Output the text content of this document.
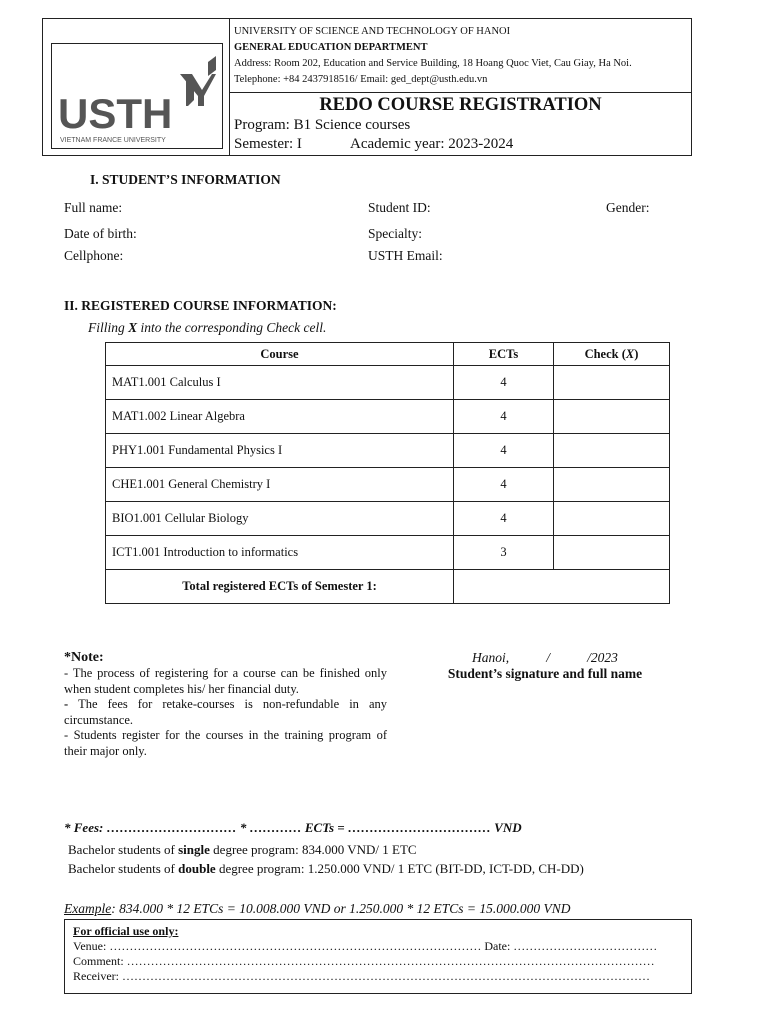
USTH
VIETNAM FRANCE UNIVERSITY
UNIVERSITY OF SCIENCE AND TECHNOLOGY OF HANOI
GENERAL EDUCATION DEPARTMENT
Address: Room 202, Education and Service Building, 18 Hoang Quoc Viet, Cau Giay, Ha Noi.
Telephone: +84 2437918516/ Email: ged_dept@usth.edu.vn
REDO COURSE REGISTRATION
Program: B1 Science courses
Semester: I	Academic year: 2023-2024
I. STUDENT’S INFORMATION
Full name:	Student ID:	Gender:
Date of birth:	Specialty:
Cellphone:	USTH Email:
II. REGISTERED COURSE INFORMATION:
Filling X into the corresponding Check cell.
Course	ECTs	Check (X)
MAT1.001 Calculus I	4	
MAT1.002 Linear Algebra	4	
PHY1.001 Fundamental Physics I	4	
CHE1.001 General Chemistry I	4	
BIO1.001 Cellular Biology	4	
ICT1.001 Introduction to informatics	3	
Total registered ECTs of Semester 1:		
*Note:
- The process of registering for a course can be finished only when student completes his/ her financial duty.
- The fees for retake-courses is non-refundable in any circumstance.
- Students register for the courses in the training program of their major only.
Hanoi,           /           /2023
Student’s signature and full name
* Fees: ………………………… * ………… ECTs = …………………………… VND
Bachelor students of single degree program: 834.000 VND/ 1 ETC
Bachelor students of double degree program: 1.250.000 VND/ 1 ETC (BIT-DD, ICT-DD, CH-DD)
Example: 834.000 * 12 ETCs = 10.008.000 VND or 1.250.000 * 12 ETCs = 15.000.000 VND
For official use only:
Venue: ………………………………………………………………………………… Date: ………………………………
Comment: ……………………………………………………………………………………………………………………
Receiver: ……………………………………………………………………………………………………………………
